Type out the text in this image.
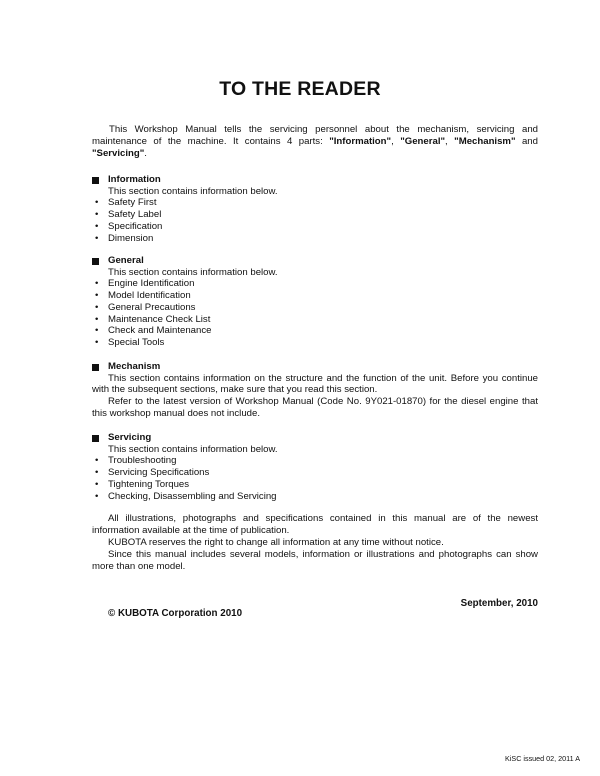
TO THE READER
This Workshop Manual tells the servicing personnel about the mechanism, servicing and maintenance of the machine. It contains 4 parts: "Information", "General", "Mechanism" and "Servicing".
Information
This section contains information below.
• Safety First
• Safety Label
• Specification
• Dimension
General
This section contains information below.
• Engine Identification
• Model Identification
• General Precautions
• Maintenance Check List
• Check and Maintenance
• Special Tools
Mechanism
This section contains information on the structure and the function of the unit. Before you continue with the subsequent sections, make sure that you read this section.
Refer to the latest version of Workshop Manual (Code No. 9Y021-01870) for the diesel engine that this workshop manual does not include.
Servicing
This section contains information below.
• Troubleshooting
• Servicing Specifications
• Tightening Torques
• Checking, Disassembling and Servicing

All illustrations, photographs and specifications contained in this manual are of the newest information available at the time of publication.

KUBOTA reserves the right to change all information at any time without notice.

Since this manual includes several models, information or illustrations and photographs can show more than one model.

September, 2010
© KUBOTA Corporation 2010
KiSC issued 02, 2011 A
